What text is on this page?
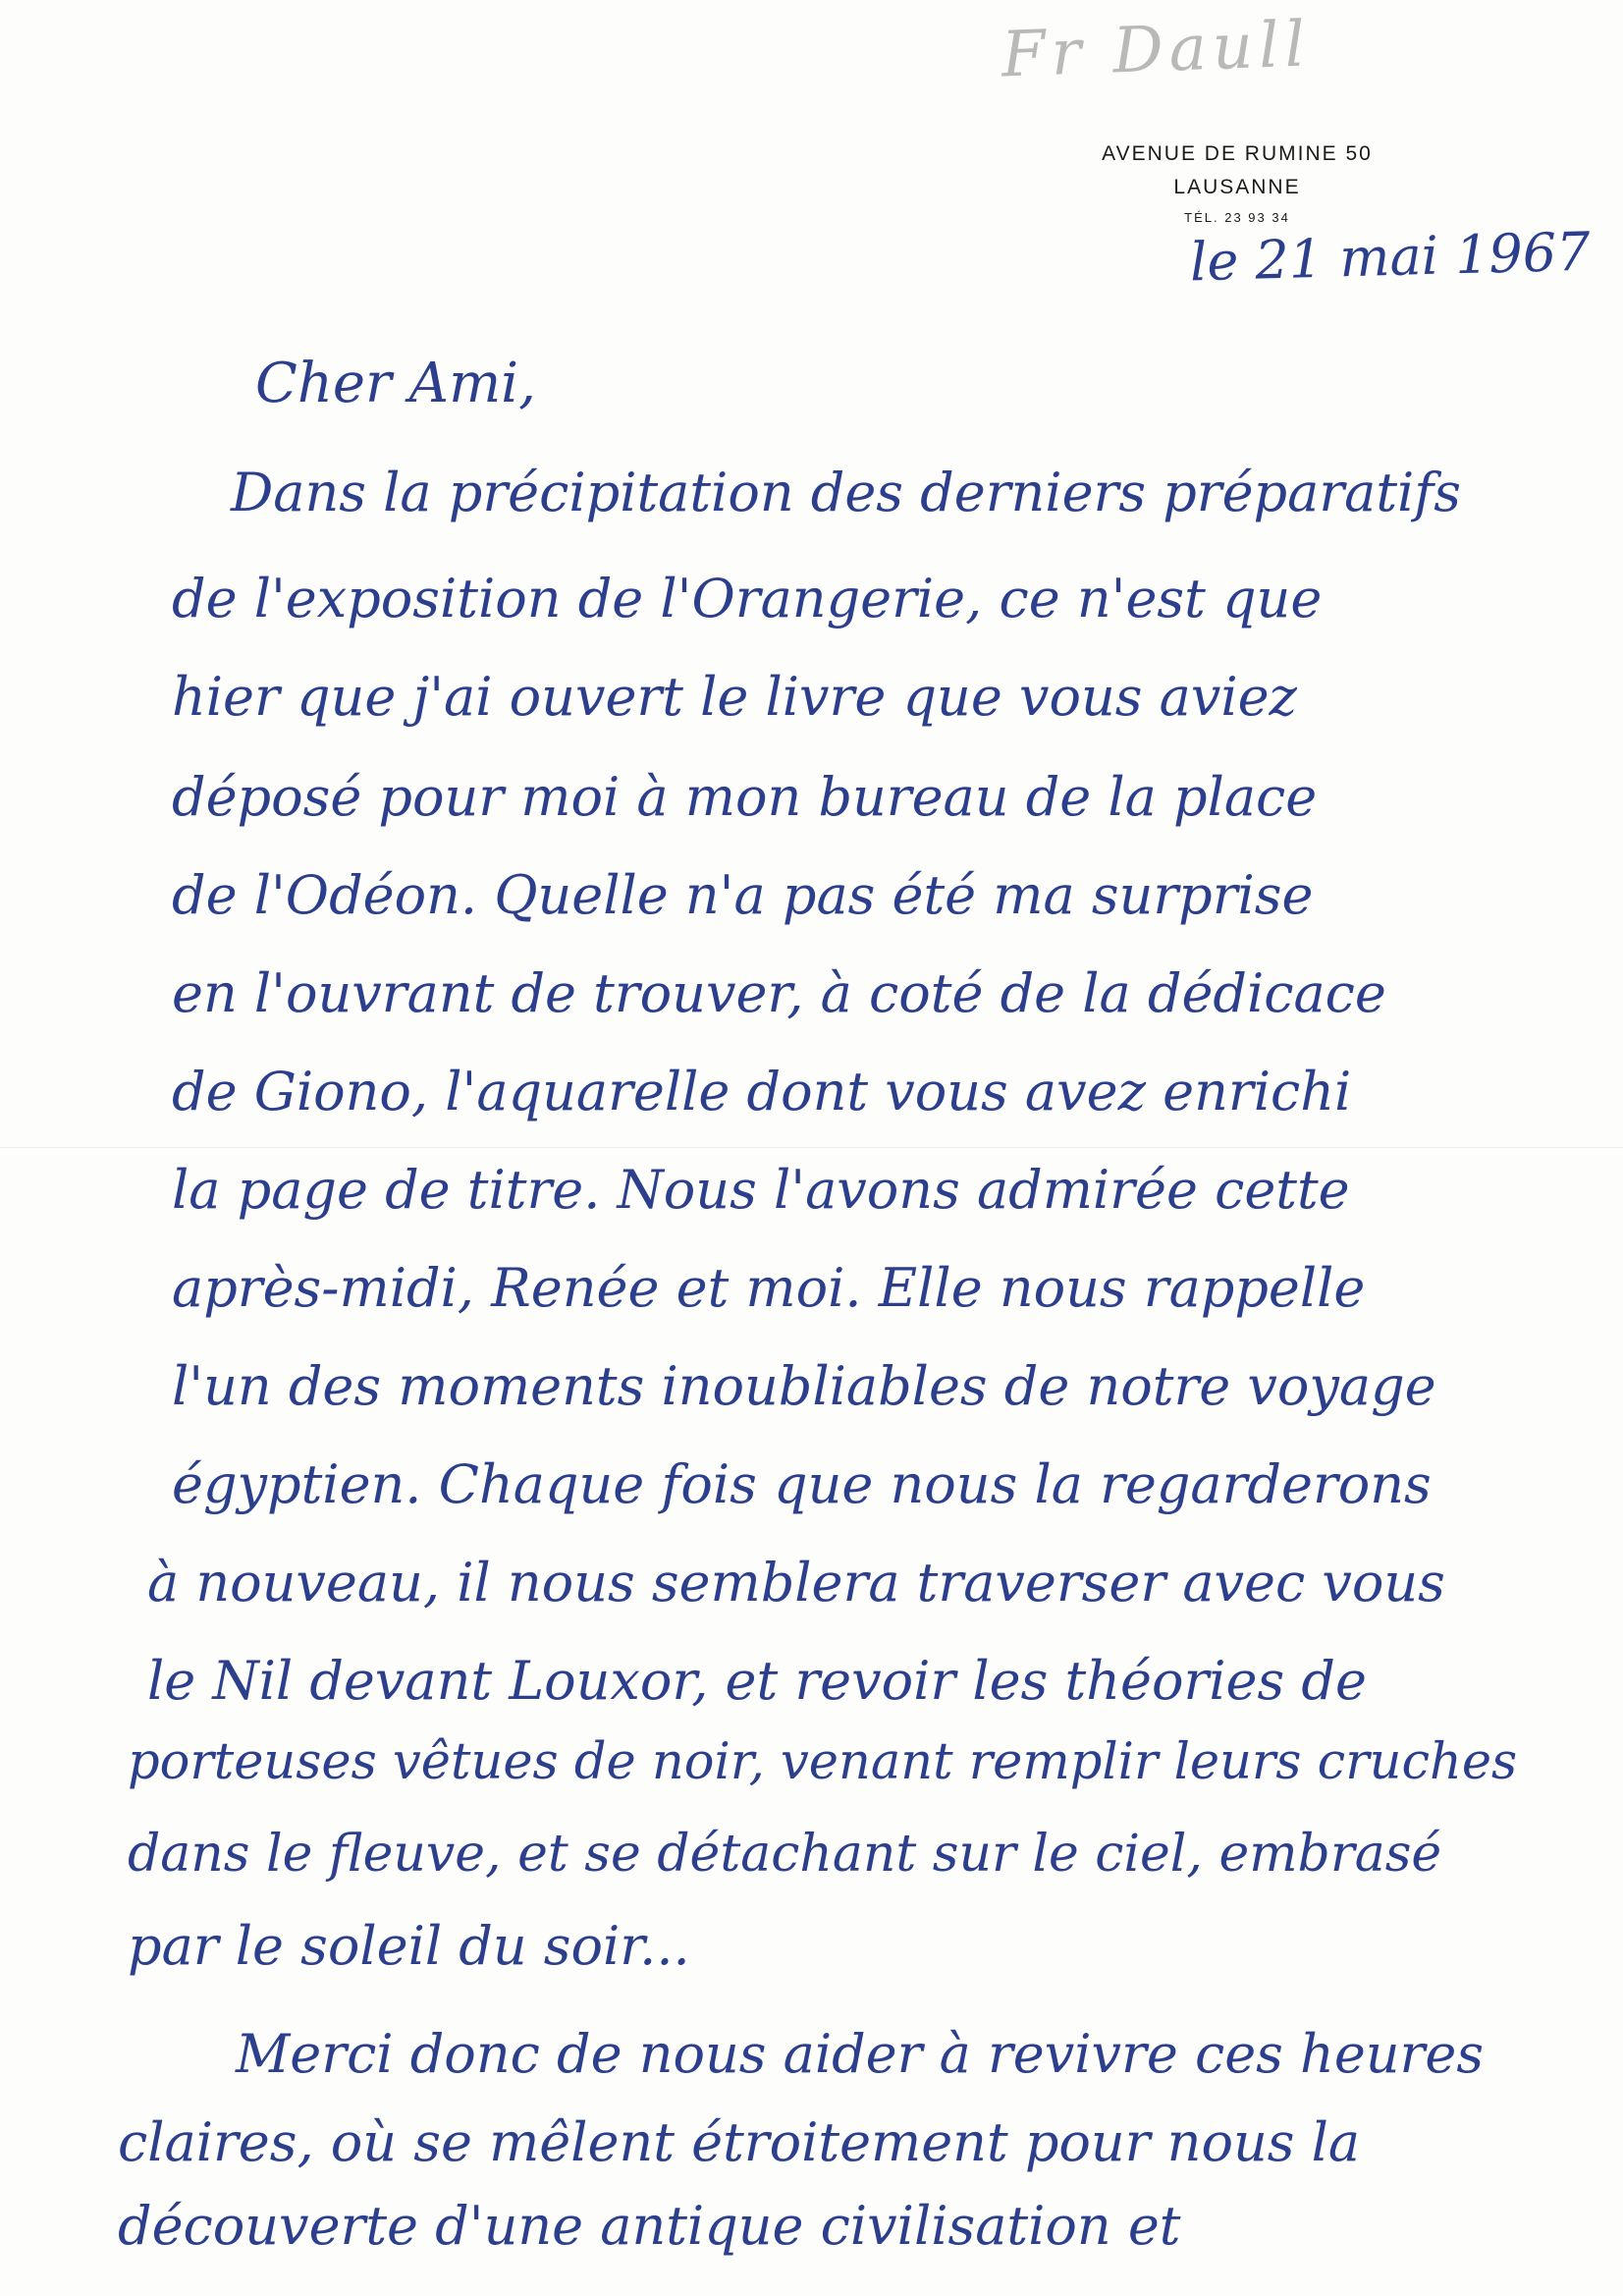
Fr Daull
AVENUE DE RUMINE 50
LAUSANNE
TÉL. 23 93 34
le 21 mai 1967
Cher Ami,
Dans la précipitation des derniers préparatifs
de l'exposition de l'Orangerie, ce n'est que
hier que j'ai ouvert le livre que vous aviez
déposé pour moi à mon bureau de la place
de l'Odéon. Quelle n'a pas été ma surprise
en l'ouvrant de trouver, à coté de la dédicace
de Giono, l'aquarelle dont vous avez enrichi
la page de titre. Nous l'avons admirée cette
après-midi, Renée et moi. Elle nous rappelle
l'un des moments inoubliables de notre voyage
égyptien. Chaque fois que nous la regarderons
à nouveau, il nous semblera traverser avec vous
le Nil devant Louxor, et revoir les théories de
porteuses vêtues de noir, venant remplir leurs cruches
dans le fleuve, et se détachant sur le ciel, embrasé
par le soleil du soir...
Merci donc de nous aider à revivre ces heures
claires, où se mêlent étroitement pour nous la
découverte d'une antique civilisation et
